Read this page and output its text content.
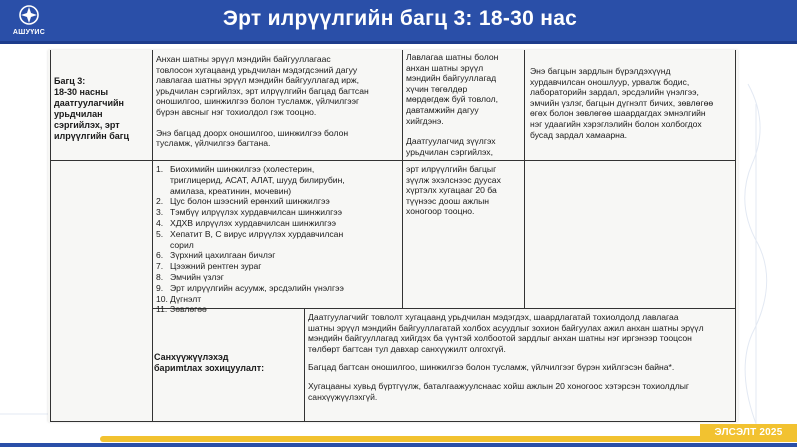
АШУҮИС
Эрт илрүүлгийн багц 3: 18-30 нас

Багц 3:

18-30 насны

даатгуулагчийн

урьдчилан

сэргийлэх, эрт

илрүүлгийн багц

Анхан шатны эрүүл мэндийн байгууллагаас

товлосон хугацаанд урьдчилан мэдэгдсэний дагуу

лавлагаа шатны эрүүл мэндийн байгууллагад ирж,

урьдчилан сэргийлэх, эрт илрүүлгийн багцад багтсан

оношилгоо, шинжилгээ болон тусламж, үйлчилгээг

бүрэн авсныг нэг тохиолдол гэж тооцно.

Энэ багцад доорх оношилгоо, шинжилгээ болон

тусламж, үйлчилгээ багтана.

Лавлагаа шатны болон

анхан шатны эрүүл

мэндийн байгууллагад

хүчин төгөлдөр

мөрдөгдөж буй товлол,

давтамжийн дагуу

хийгдэнэ.

Даатгуулагчид зүүлгэх

урьдчилан сэргийлэх,

Энэ багцын зардлын бүрэлдэхүүнд

хурдавчилсан оношлуур, урвалж бодис,

лабораторийн зардал, эрсдэлийн үнэлгээ,

эмчийн үзлэг, багцын дүгнэлт бичих, зөвлөгөө

өгөх болон зөвлөгөө шаардагдах эмнэлгийн

нэг удаагийн хэрэглэлийн болон холбогдох

бусад зардал хамаарна.

1. Биохимийн шинжилгээ (холестерин,
триглицерид, АСАТ, АЛАТ, шууд билирубин,
амилаза, креатинин, мочевин)
2. Цус болон шээсний ерөнхий шинжилгээ
3. Тэмбүү илрүүлэх хурдавчилсан шинжилгээ
4. ХДХВ илрүүлэх хурдавчилсан шинжилгээ
5. Хепатит В, С вирус илрүүлэх хурдавчилсан
сорил
6. Зүрхний цахилгаан бичлэг
7. Цээжний рентген зураг
8. Эмчийн үзлэг
9. Эрт илрүүлгийн асуумж, эрсдэлийн үнэлгээ
10. Дүгнэлт
11. Зөвлөгөө

эрт илрүүлгийн багцыг

зүүлж эхэлснээс дуусах

хүртэлх хугацааг 20 ба

түүнээс доош ажлын

хоногоор тооцно.

Санхүүжүүлэхэд

бариmtлах зохицуулалт:

Даатгуулагчийг товлолт хугацаанд урьдчилан мэдэгдэх, шаардлагатай тохиолдолд лавлагаа

шатны эрүүл мэндийн байгууллагатай холбох асуудлыг зохион байгуулах ажил анхан шатны эрүүл

мэндийн байгууллагад хийгдэх ба үүнтэй холбоотой зардлыг анхан шатны нэг иргэнээр тооцсон

төлбөрт багтсан тул давхар санхүүжилт олгохгүй.

Багцад багтсан оношилгоо, шинжилгээ болон тусламж, үйлчилгээг бүрэн хийлгэсэн байна*.

Хугацааны хувьд бүртгүүлж, баталгаажуулснаас хойш ажлын 20 хоногоос хэтэрсэн тохиолдлыг

санхүүжүүлэхгүй.

ЭЛСЭЛТ 2025
